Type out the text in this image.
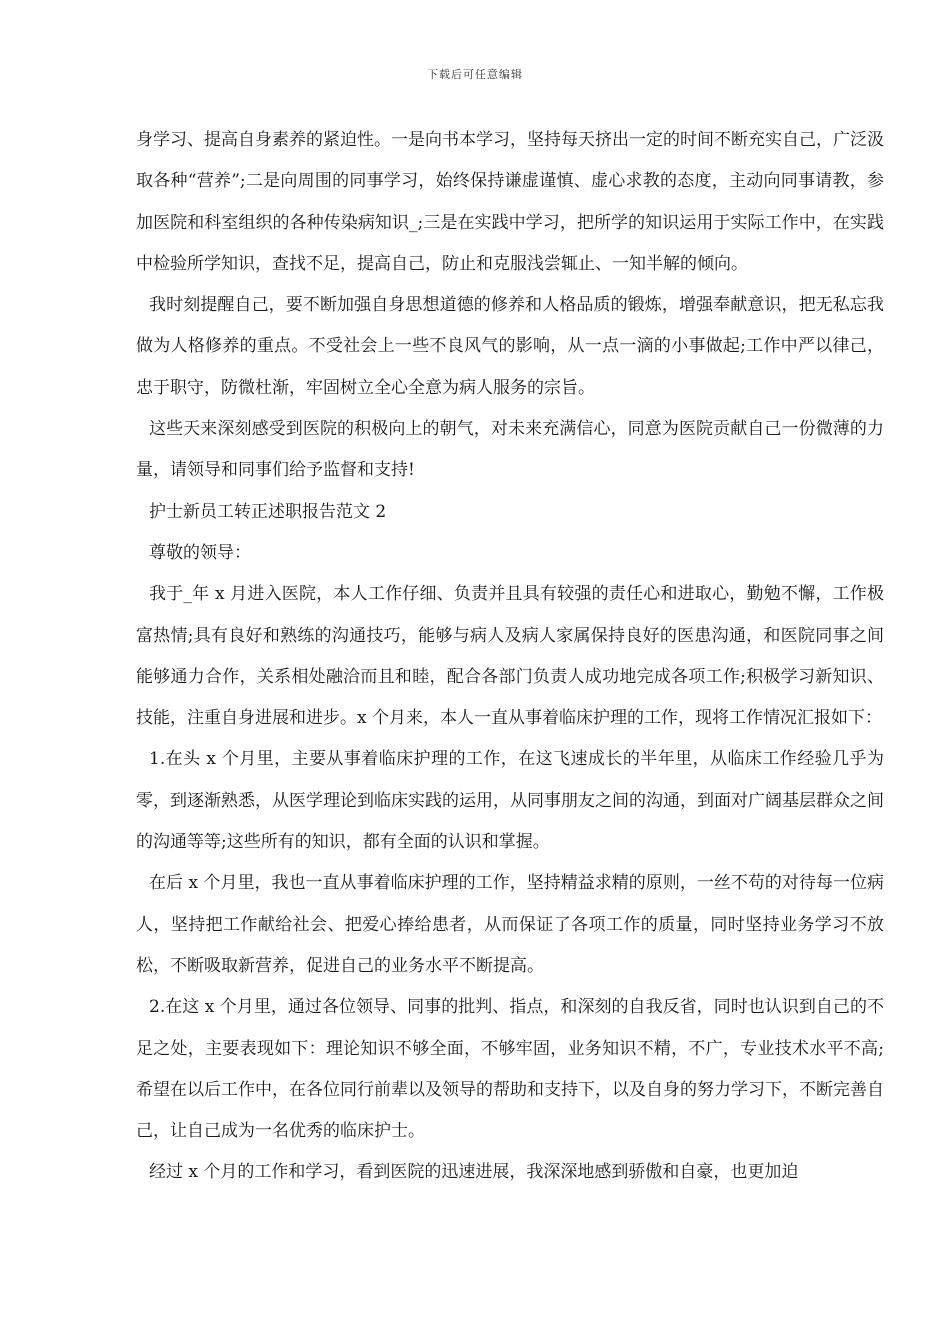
下载后可任意编辑

身学习、提高自身素养的紧迫性。一是向书本学习，坚持每天挤出一定的时间不断充实自己，广泛汲取各种“营养”;二是向周围的同事学习，始终保持谦虚谨慎、虚心求教的态度，主动向同事请教，参加医院和科室组织的各种传染病知识_;三是在实践中学习，把所学的知识运用于实际工作中，在实践中检验所学知识，查找不足，提高自己，防止和克服浅尝辄止、一知半解的倾向。

我时刻提醒自己，要不断加强自身思想道德的修养和人格品质的锻炼，增强奉献意识，把无私忘我做为人格修养的重点。不受社会上一些不良风气的影响，从一点一滴的小事做起;工作中严以律己，忠于职守，防微杜渐，牢固树立全心全意为病人服务的宗旨。

这些天来深刻感受到医院的积极向上的朝气，对未来充满信心，同意为医院贡献自己一份微薄的力量，请领导和同事们给予监督和支持!

护士新员工转正述职报告范文 2

尊敬的领导：

我于_年 x 月进入医院，本人工作仔细、负责并且具有较强的责任心和进取心，勤勉不懈，工作极富热情;具有良好和熟练的沟通技巧，能够与病人及病人家属保持良好的医患沟通，和医院同事之间能够通力合作，关系相处融洽而且和睦，配合各部门负责人成功地完成各项工作;积极学习新知识、技能，注重自身进展和进步。x 个月来，本人一直从事着临床护理的工作，现将工作情况汇报如下：

1.在头 x 个月里，主要从事着临床护理的工作，在这飞速成长的半年里，从临床工作经验几乎为零，到逐渐熟悉，从医学理论到临床实践的运用，从同事朋友之间的沟通，到面对广阔基层群众之间的沟通等等;这些所有的知识，都有全面的认识和掌握。

在后 x 个月里，我也一直从事着临床护理的工作，坚持精益求精的原则，一丝不苟的对待每一位病人，坚持把工作献给社会、把爱心捧给患者，从而保证了各项工作的质量，同时坚持业务学习不放松，不断吸取新营养，促进自己的业务水平不断提高。

2.在这 x 个月里，通过各位领导、同事的批判、指点，和深刻的自我反省，同时也认识到自己的不足之处，主要表现如下：理论知识不够全面，不够牢固，业务知识不精，不广，专业技术水平不高;希望在以后工作中，在各位同行前辈以及领导的帮助和支持下，以及自身的努力学习下，不断完善自己，让自己成为一名优秀的临床护士。

经过 x 个月的工作和学习，看到医院的迅速进展，我深深地感到骄傲和自豪，也更加迫
